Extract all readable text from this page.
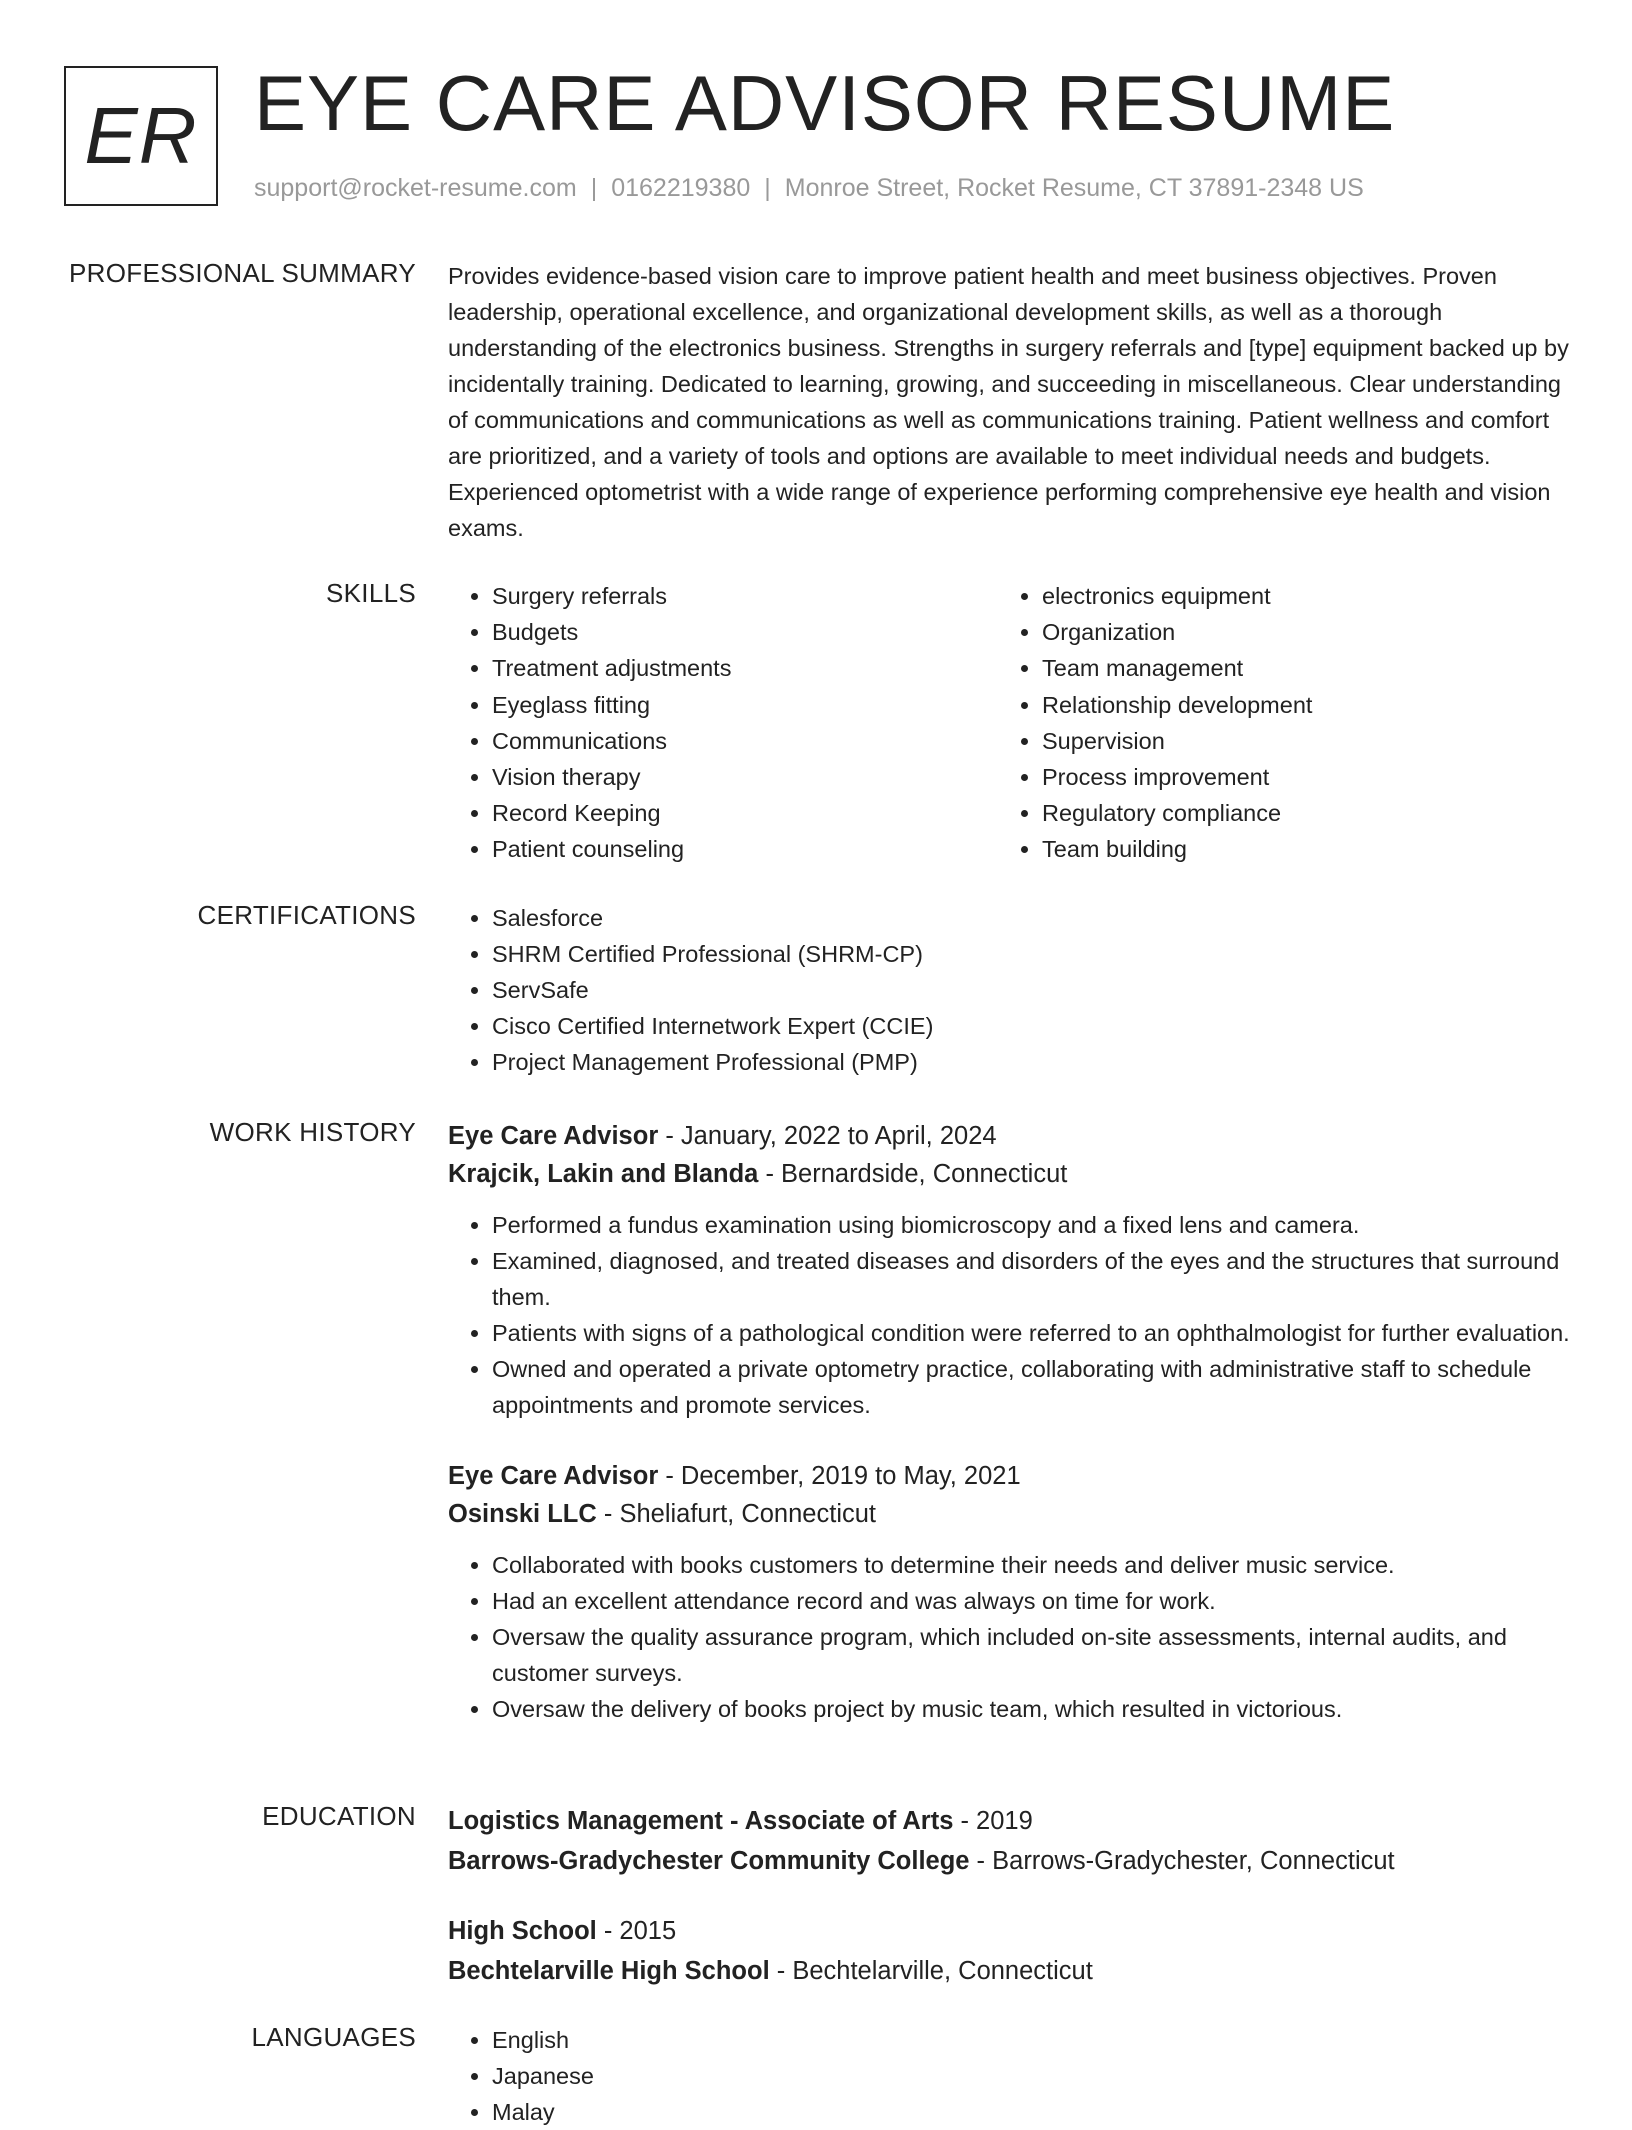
ER EYE CARE ADVISOR RESUME
support@rocket-resume.com | 0162219380 | Monroe Street, Rocket Resume, CT 37891-2348 US
PROFESSIONAL SUMMARY Provides evidence-based vision care to improve patient health and meet business objectives. Proven leadership, operational excellence, and organizational development skills, as well as a thorough understanding of the electronics business. Strengths in surgery referrals and [type] equipment backed up by incidentally training. Dedicated to learning, growing, and succeeding in miscellaneous. Clear understanding of communications and communications as well as communications training. Patient wellness and comfort are prioritized, and a variety of tools and options are available to meet individual needs and budgets. Experienced optometrist with a wide range of experience performing comprehensive eye health and vision exams.

SKILLS	• Surgery referrals
• Budgets
• Treatment adjustments
• Eyeglass fitting
• Communications
• Vision therapy
• Record Keeping
• Patient counseling
• electronics equipment
• Organization
• Team management
• Relationship development
• Supervision
• Process improvement
• Regulatory compliance
• Team building
CERTIFICATIONS	• Salesforce
• SHRM Certified Professional (SHRM-CP)
• ServSafe
• Cisco Certified Internetwork Expert (CCIE)
• Project Management Professional (PMP)
WORK HISTORY Eye Care Advisor - January, 2022 to April, 2024
Krajcik, Lakin and Blanda - Bernardside, Connecticut
• Performed a fundus examination using biomicroscopy and a fixed lens and camera.
• Examined, diagnosed, and treated diseases and disorders of the eyes and the structures that surround them.
• Patients with signs of a pathological condition were referred to an ophthalmologist for further evaluation.
• Owned and operated a private optometry practice, collaborating with administrative staff to schedule appointments and promote services.
Eye Care Advisor - December, 2019 to May, 2021
Osinski LLC - Sheliafurt, Connecticut
• Collaborated with books customers to determine their needs and deliver music service.
• Had an excellent attendance record and was always on time for work.
• Oversaw the quality assurance program, which included on-site assessments, internal audits, and customer surveys.
• Oversaw the delivery of books project by music team, which resulted in victorious.
EDUCATION Logistics Management - Associate of Arts - 2019
Barrows-Gradychester Community College - Barrows-Gradychester, Connecticut
High School - 2015
Bechtelarville High School - Bechtelarville, Connecticut
LANGUAGES	• English
• Japanese
• Malay
